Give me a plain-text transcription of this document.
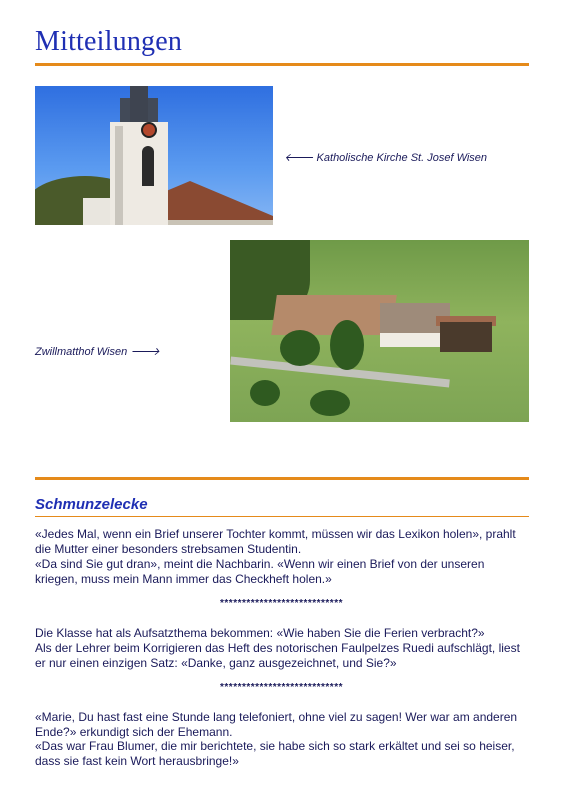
Mitteilungen
🡐 Katholische Kirche St. Josef Wisen
Zwillmatthof Wisen 🡒
Schmunzelecke
«Jedes Mal, wenn ein Brief unserer Tochter kommt, müssen wir das Lexikon holen», prahlt die Mutter einer besonders strebsamen Studentin.
«Da sind Sie gut dran», meint die Nachbarin. «Wenn wir einen Brief von der unseren kriegen, muss mein Mann immer das Checkheft holen.»
****************************
Die Klasse hat als Aufsatzthema bekommen: «Wie haben Sie die Ferien verbracht?»
Als der Lehrer beim Korrigieren das Heft des notorischen Faulpelzes Ruedi aufschlägt, liest er nur einen einzigen Satz: «Danke, ganz ausgezeichnet, und Sie?»
****************************
«Marie, Du hast fast eine Stunde lang telefoniert, ohne viel zu sagen! Wer war am anderen Ende?» erkundigt sich der Ehemann.
«Das war Frau Blumer, die mir berichtete, sie habe sich so stark erkältet und sei so heiser, dass sie fast kein Wort herausbringe!»
